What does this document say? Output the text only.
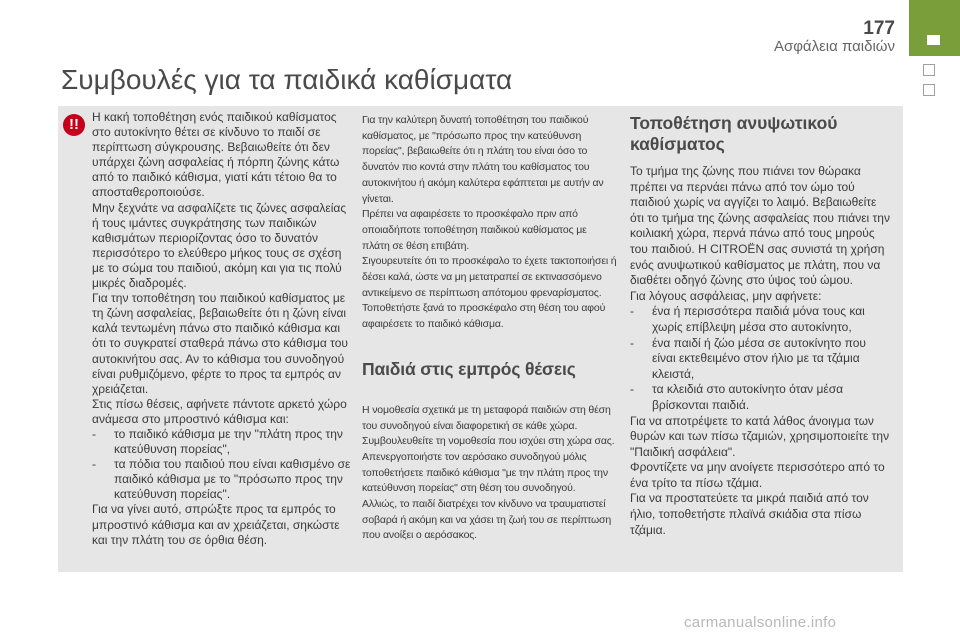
177
Ασφάλεια παιδιών
Συμβουλές για τα παιδικά καθίσματα
!!	Η κακή τοποθέτηση ενός παιδικού καθίσματος στο αυτοκίνητο θέτει σε κίνδυνο το παιδί σε περίπτωση σύγκρουσης. Βεβαιωθείτε ότι δεν υπάρχει ζώνη ασφαλείας ή πόρπη ζώνης κάτω από το παιδικό κάθισμα, γιατί κάτι τέτοιο θα το αποσταθεροποιούσε.

Μην ξεχνάτε να ασφαλίζετε τις ζώνες ασφαλείας ή τους ιμάντες συγκράτησης των παιδικών καθισμάτων περιορίζοντας όσο το δυνατόν περισσότερο το ελεύθερο μήκος τους σε σχέση με το σώμα του παιδιού, ακόμη και για τις πολύ μικρές διαδρομές.

Για την τοποθέτηση του παιδικού καθίσματος με τη ζώνη ασφαλείας, βεβαιωθείτε ότι η ζώνη είναι καλά τεντωμένη πάνω στο παιδικό κάθισμα και ότι το συγκρατεί σταθερά πάνω στο κάθισμα του αυτοκινήτου σας. Αν το κάθισμα του συνοδηγού είναι ρυθμιζόμενο, φέρτε το προς τα εμπρός αν χρειάζεται.

Στις πίσω θέσεις, αφήνετε πάντοτε αρκετό χώρο ανάμεσα στο μπροστινό κάθισμα και:

- το παιδικό κάθισμα με την "πλάτη προς την κατεύθυνση πορείας",
- τα πόδια του παιδιού που είναι καθισμένο σε παιδικό κάθισμα με το "πρόσωπο προς την κατεύθυνση πορείας".

Για να γίνει αυτό, σπρώξτε προς τα εμπρός το μπροστινό κάθισμα και αν χρειάζεται, σηκώστε και την πλάτη του σε όρθια θέση.

Για την καλύτερη δυνατή τοποθέτηση του παιδικού καθίσματος, με "πρόσωπο προς την κατεύθυνση πορείας", βεβαιωθείτε ότι η πλάτη του είναι όσο το δυνατόν πιο κοντά στην πλάτη του καθίσματος του αυτοκινήτου ή ακόμη καλύτερα εφάπτεται με αυτήν αν γίνεται.

Πρέπει να αφαιρέσετε το προσκέφαλο πριν από οποιαδήποτε τοποθέτηση παιδικού καθίσματος με πλάτη σε θέση επιβάτη.

Σιγουρευτείτε ότι το προσκέφαλο το έχετε τακτοποιήσει ή δέσει καλά, ώστε να μη μετατραπεί σε εκτινασσόμενο αντικείμενο σε περίπτωση απότομου φρεναρίσματος. Τοποθετήστε ξανά το προσκέφαλο στη θέση του αφού αφαιρέσετε το παιδικό κάθισμα.

Παιδιά στις εμπρός θέσεις

Η νομοθεσία σχετικά με τη μεταφορά παιδιών στη θέση του συνοδηγού είναι διαφορετική σε κάθε χώρα. Συμβουλευθείτε τη νομοθεσία που ισχύει στη χώρα σας.

Απενεργοποιήστε τον αερόσακο συνοδηγού μόλις τοποθετήσετε παιδικό κάθισμα "με την πλάτη προς την κατεύθυνση πορείας" στη θέση του συνοδηγού.

Αλλιώς, το παιδί διατρέχει τον κίνδυνο να τραυματιστεί σοβαρά ή ακόμη και να χάσει τη ζωή του σε περίπτωση που ανοίξει ο αερόσακος.

Τοποθέτηση ανυψωτικού καθίσματος

Το τμήμα της ζώνης που πιάνει τον θώρακα πρέπει να περνάει πάνω από τον ώμο τού παιδιού χωρίς να αγγίζει το λαιμό. Βεβαιωθείτε ότι το τμήμα της ζώνης ασφαλείας που πιάνει την κοιλιακή χώρα, περνά πάνω από τους μηρούς του παιδιού. Η CITROËN σας συνιστά τη χρήση ενός ανυψωτικού καθίσματος με πλάτη, που να διαθέτει οδηγό ζώνης στο ύψος τού ώμου.

Για λόγους ασφάλειας, μην αφήνετε:

- ένα ή περισσότερα παιδιά μόνα τους και χωρίς επίβλεψη μέσα στο αυτοκίνητο,
- ένα παιδί ή ζώο μέσα σε αυτοκίνητο που είναι εκτεθειμένο στον ήλιο με τα τζάμια κλειστά,
- τα κλειδιά στο αυτοκίνητο όταν μέσα βρίσκονται παιδιά.

Για να αποτρέψετε το κατά λάθος άνοιγμα των θυρών και των πίσω τζαμιών, χρησιμοποιείτε την "Παιδική ασφάλεια".

Φροντίζετε να μην ανοίγετε περισσότερο από το ένα τρίτο τα πίσω τζάμια.

Για να προστατεύετε τα μικρά παιδιά από τον ήλιο, τοποθετήστε πλαϊνά σκιάδια στα πίσω τζάμια.

carmanualsonline.info
